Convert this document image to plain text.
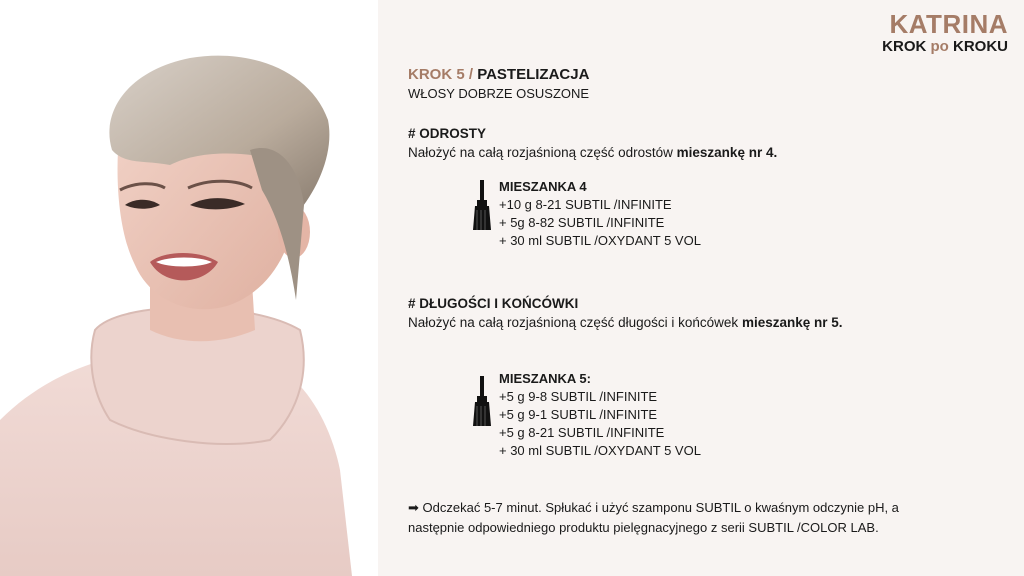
KATRINA
KROK po KROKU
KROK 5 / PASTELIZACJA
WŁOSY DOBRZE OSUSZONE
# ODROSTY
Nałożyć na całą rozjaśnioną część odrostów mieszankę nr 4.
MIESZANKA 4
+10 g 8-21 SUBTIL /INFINITE
+ 5g 8-82 SUBTIL /INFINITE
+ 30 ml SUBTIL /OXYDANT 5 VOL
# DŁUGOŚCI I KOŃCÓWKI
Nałożyć na całą rozjaśnioną część długości i końcówek mieszankę nr 5.
MIESZANKA 5:
+5 g 9-8 SUBTIL /INFINITE
+5 g 9-1 SUBTIL /INFINITE
+5 g 8-21 SUBTIL /INFINITE
+ 30 ml SUBTIL /OXYDANT 5 VOL
➡ Odczekać 5-7 minut. Spłukać i użyć szamponu SUBTIL o kwaśnym odczynie pH, a
następnie odpowiedniego produktu pielęgnacyjnego z serii SUBTIL /COLOR LAB.
